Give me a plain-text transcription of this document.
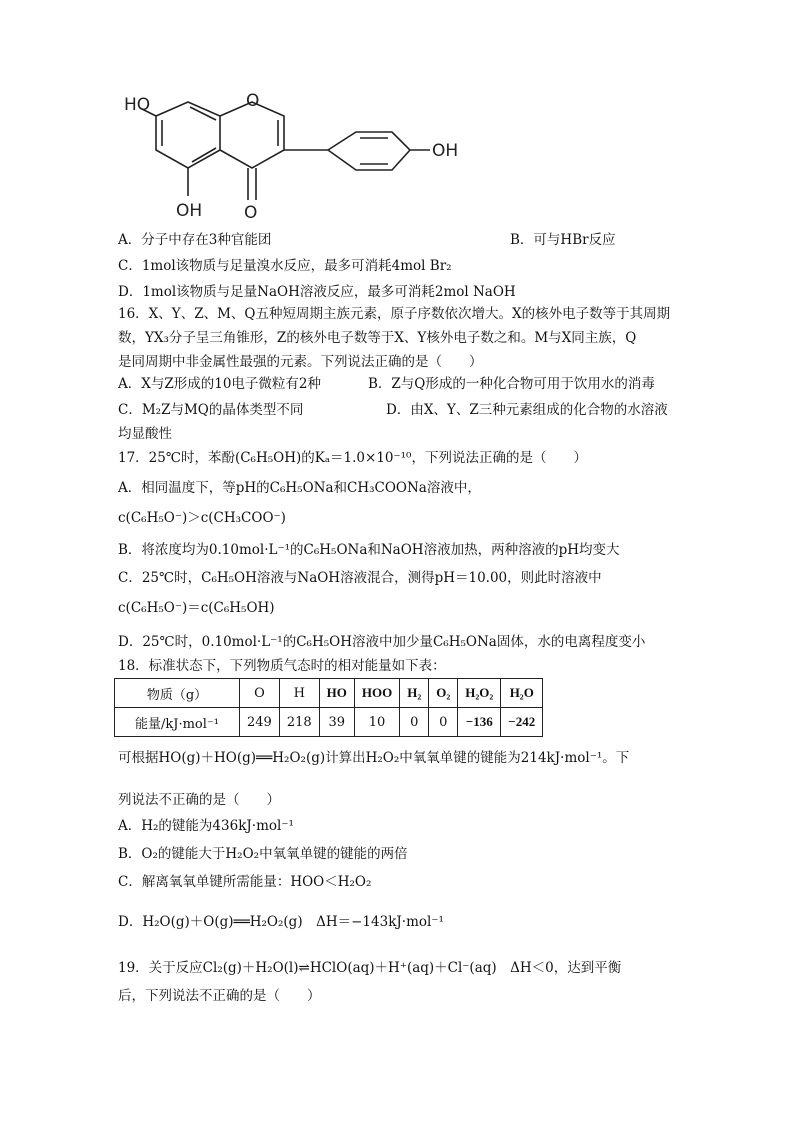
HO	O
O
OH
OH
A．分子中存在3种官能团	B．可与HBr反应
C．1mol该物质与足量溴水反应，最多可消耗4mol Br₂
D．1mol该物质与足量NaOH溶液反应，最多可消耗2mol NaOH
16．X、Y、Z、M、Q五种短周期主族元素，原子序数依次增大。X的核外电子数等于其周期
数，YX₃分子呈三角锥形，Z的核外电子数等于X、Y核外电子数之和。M与X同主族，Q
是同周期中非金属性最强的元素。下列说法正确的是（　　）
A．X与Z形成的10电子微粒有2种	B．Z与Q形成的一种化合物可用于饮用水的消毒
C．M₂Z与MQ的晶体类型不同	D．由X、Y、Z三种元素组成的化合物的水溶液
均显酸性
17．25℃时，苯酚(C₆H₅OH)的Kₐ＝1.0×10⁻¹⁰，下列说法正确的是（　　）
A．相同温度下，等pH的C₆H₅ONa和CH₃COONa溶液中，
c(C₆H₅O⁻)＞c(CH₃COO⁻)
B．将浓度均为0.10mol·L⁻¹的C₆H₅ONa和NaOH溶液加热，两种溶液的pH均变大
C．25℃时，C₆H₅OH溶液与NaOH溶液混合，测得pH＝10.00，则此时溶液中
c(C₆H₅O⁻)＝c(C₆H₅OH)
D．25℃时，0.10mol·L⁻¹的C₆H₅OH溶液中加少量C₆H₅ONa固体，水的电离程度变小
18．标准状态下，下列物质气态时的相对能量如下表：
物质（g）	O	H	HO	HOO	H₂	O₂	H₂O₂	H₂O
能量/kJ·mol⁻¹	249	218	39	10	0	0	−136	−242
可根据HO(g)＋HO(g)══H₂O₂(g)计算出H₂O₂中氧氧单键的键能为214kJ·mol⁻¹。下
列说法不正确的是（　　）
A．H₂的键能为436kJ·mol⁻¹
B．O₂的键能大于H₂O₂中氧氧单键的键能的两倍
C．解离氧氧单键所需能量：HOO＜H₂O₂
D．H₂O(g)＋O(g)══H₂O₂(g)　ΔH＝−143kJ·mol⁻¹
19．关于反应Cl₂(g)＋H₂O(l)⇌HClO(aq)＋H⁺(aq)＋Cl⁻(aq)　ΔH＜0，达到平衡
后，下列说法不正确的是（　　）
